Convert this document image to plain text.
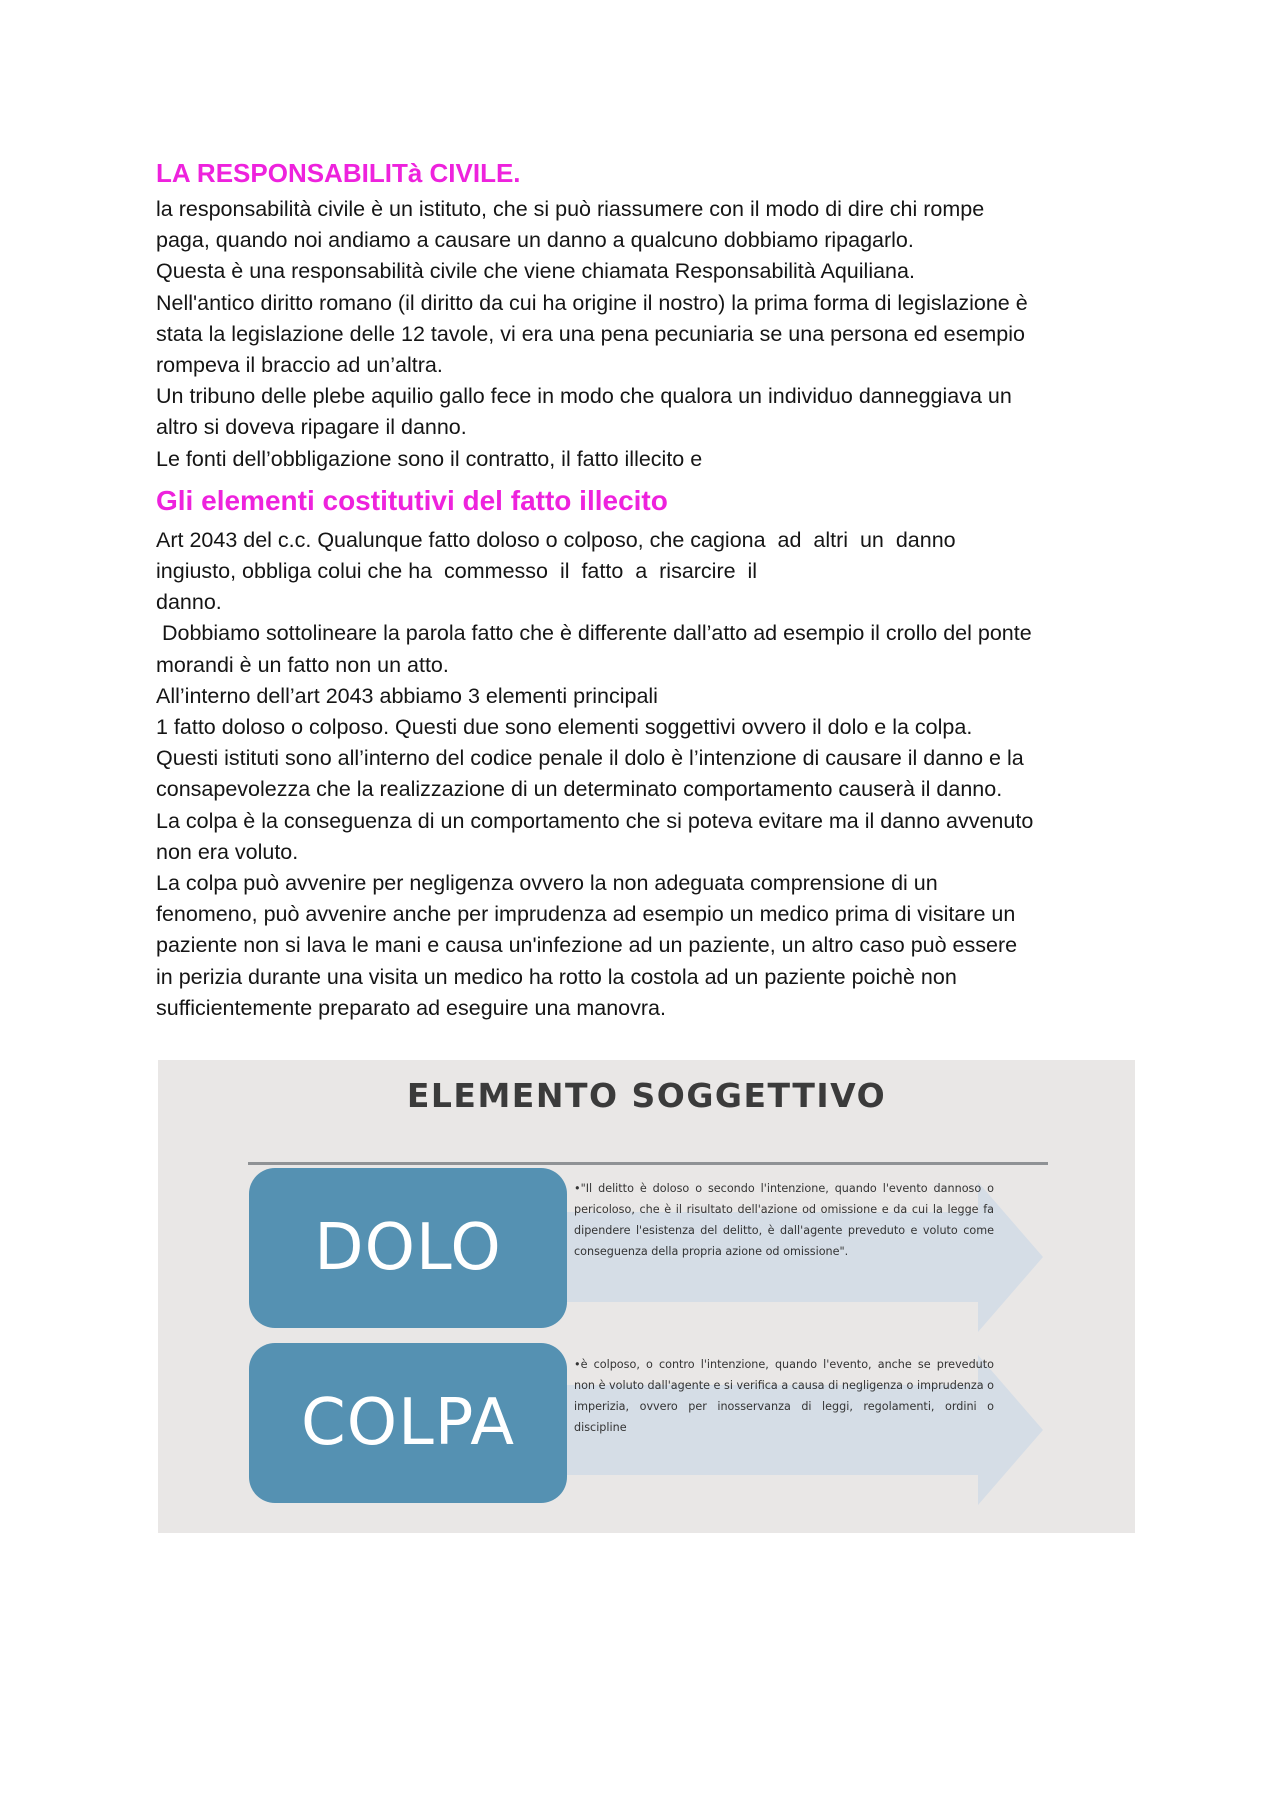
LA RESPONSABILITà CIVILE.

la responsabilità civile è un istituto, che si può riassumere con il modo di dire chi rompe

paga, quando noi andiamo a causare un danno a qualcuno dobbiamo ripagarlo.

Questa è una responsabilità civile che viene chiamata Responsabilità Aquiliana.

Nell'antico diritto romano (il diritto da cui ha origine il nostro) la prima forma di legislazione è

stata la legislazione delle 12 tavole, vi era una pena pecuniaria se una persona ed esempio

rompeva il braccio ad un’altra.

Un tribuno delle plebe aquilio gallo fece in modo che qualora un individuo danneggiava un

altro si doveva ripagare il danno.

Le fonti dell’obbligazione sono il contratto, il fatto illecito e

Gli elementi costitutivi del fatto illecito

Art 2043 del c.c. Qualunque fatto doloso o colposo, che cagiona  ad  altri  un  danno

ingiusto, obbliga colui che ha  commesso  il  fatto  a  risarcire  il

danno.

Dobbiamo sottolineare la parola fatto che è differente dall’atto ad esempio il crollo del ponte

morandi è un fatto non un atto.

All’interno dell’art 2043 abbiamo 3 elementi principali

1 fatto doloso o colposo. Questi due sono elementi soggettivi ovvero il dolo e la colpa.

Questi istituti sono all’interno del codice penale il dolo è l’intenzione di causare il danno e la

consapevolezza che la realizzazione di un determinato comportamento causerà il danno.

La colpa è la conseguenza di un comportamento che si poteva evitare ma il danno avvenuto

non era voluto.

La colpa può avvenire per negligenza ovvero la non adeguata comprensione di un

fenomeno, può avvenire anche per imprudenza ad esempio un medico prima di visitare un

paziente non si lava le mani e causa un'infezione ad un paziente, un altro caso può essere

in perizia durante una visita un medico ha rotto la costola ad un paziente poichè non

sufficientemente preparato ad eseguire una manovra.

ELEMENTO SOGGETTIVO
DOLO
•"Il delitto è doloso o secondo l'intenzione, quando l'evento dannoso o pericoloso, che è il risultato dell'azione od omissione e da cui la legge fa dipendere l'esistenza del delitto, è dall'agente preveduto e voluto come conseguenza della propria azione od omissione".
COLPA
•è colposo, o contro l'intenzione, quando l'evento, anche se preveduto non è voluto dall'agente e si verifica a causa di negligenza o imprudenza o imperizia, ovvero per inosservanza di leggi, regolamenti, ordini o discipline
